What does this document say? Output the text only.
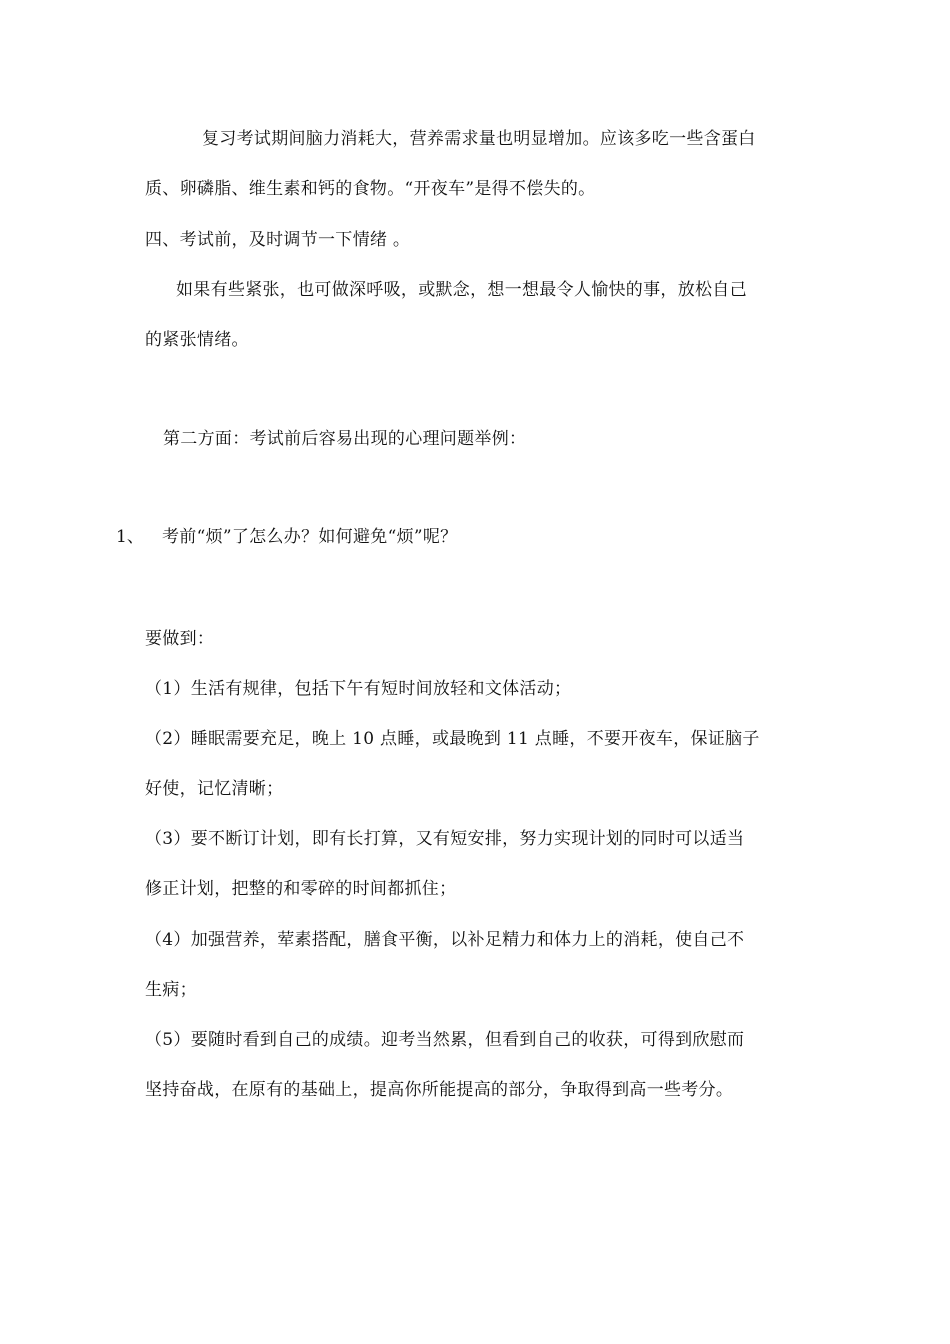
复习考试期间脑力消耗大，营养需求量也明显增加。应该多吃一些含蛋白
质、卵磷脂、维生素和钙的食物。“开夜车”是得不偿失的。
四、考试前，及时调节一下情绪 。
如果有些紧张，也可做深呼吸，或默念，想一想最令人愉快的事，放松自己
的紧张情绪。
第二方面：考试前后容易出现的心理问题举例：
1、 考前“烦”了怎么办？如何避免“烦”呢？
要做到：
（1）生活有规律，包括下午有短时间放轻和文体活动；
（2）睡眠需要充足，晚上 10 点睡，或最晚到 11 点睡，不要开夜车，保证脑子
好使，记忆清晰；
（3）要不断订计划，即有长打算，又有短安排，努力实现计划的同时可以适当
修正计划，把整的和零碎的时间都抓住；
（4）加强营养，荤素搭配，膳食平衡，以补足精力和体力上的消耗，使自己不
生病；
（5）要随时看到自己的成绩。迎考当然累，但看到自己的收获，可得到欣慰而
坚持奋战，在原有的基础上，提高你所能提高的部分，争取得到高一些考分。
